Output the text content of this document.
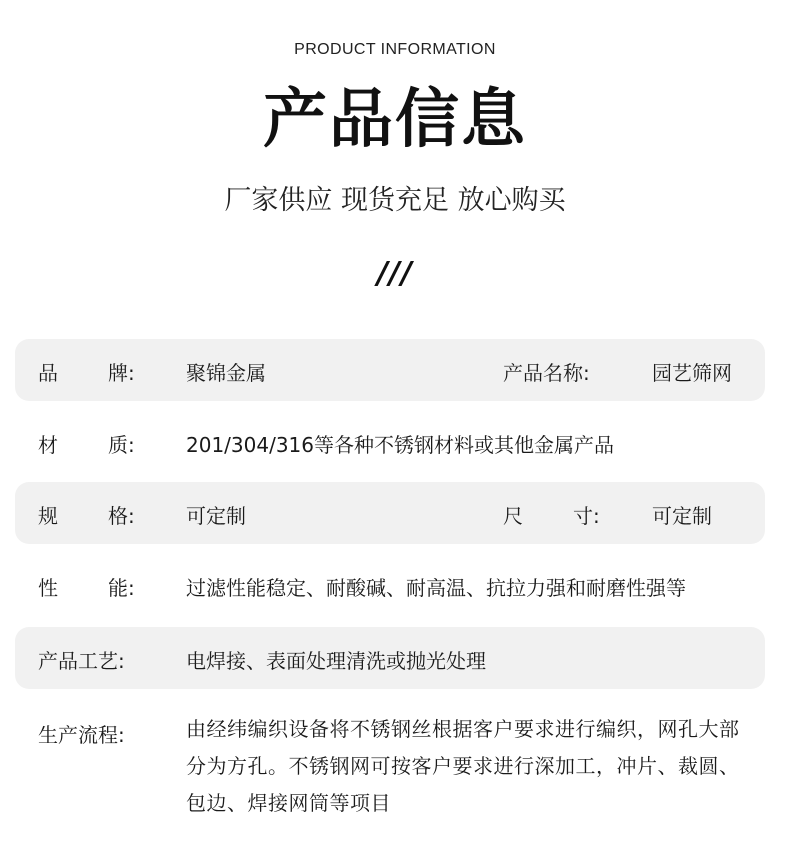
PRODUCT INFORMATION
产品信息
厂家供应 现货充足 放心购买
///
品	牌:	聚锦金属	产品名称:	园艺筛网
材	质:	201/304/316等各种不锈钢材料或其他金属产品
规	格:	可定制	尺	寸:	可定制
性	能:	过滤性能稳定、耐酸碱、耐高温、抗拉力强和耐磨性强等
产品工艺:	电焊接、表面处理清洗或抛光处理
生产流程:	由经纬编织设备将不锈钢丝根据客户要求进行编织，网孔大部分为方孔。不锈钢网可按客户要求进行深加工，冲片、裁圆、包边、焊接网筒等项目
